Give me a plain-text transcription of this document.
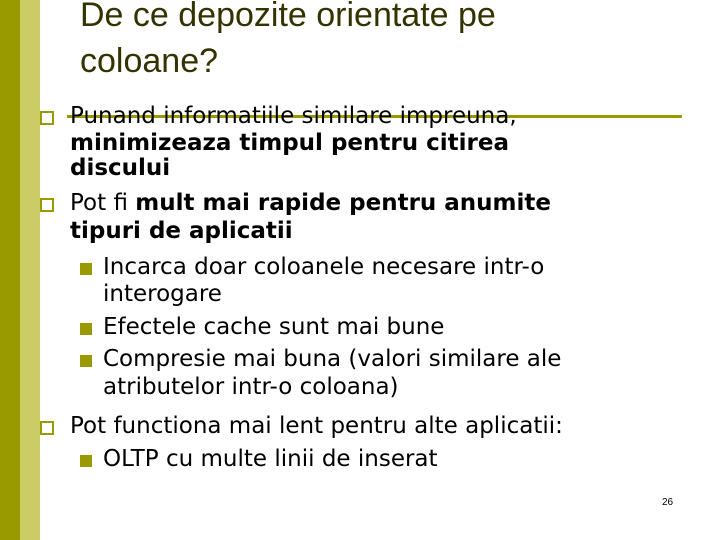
De ce depozite orientate pe
coloane?
Punand informatiile similare impreuna,
minimizeaza timpul pentru citirea
discului
Pot fi mult mai rapide pentru anumite
tipuri de aplicatii
Incarca doar coloanele necesare intr-o
interogare
Efectele cache sunt mai bune
Compresie mai buna (valori similare ale
atributelor intr-o coloana)
Pot functiona mai lent pentru alte aplicatii:
OLTP cu multe linii de inserat
26
